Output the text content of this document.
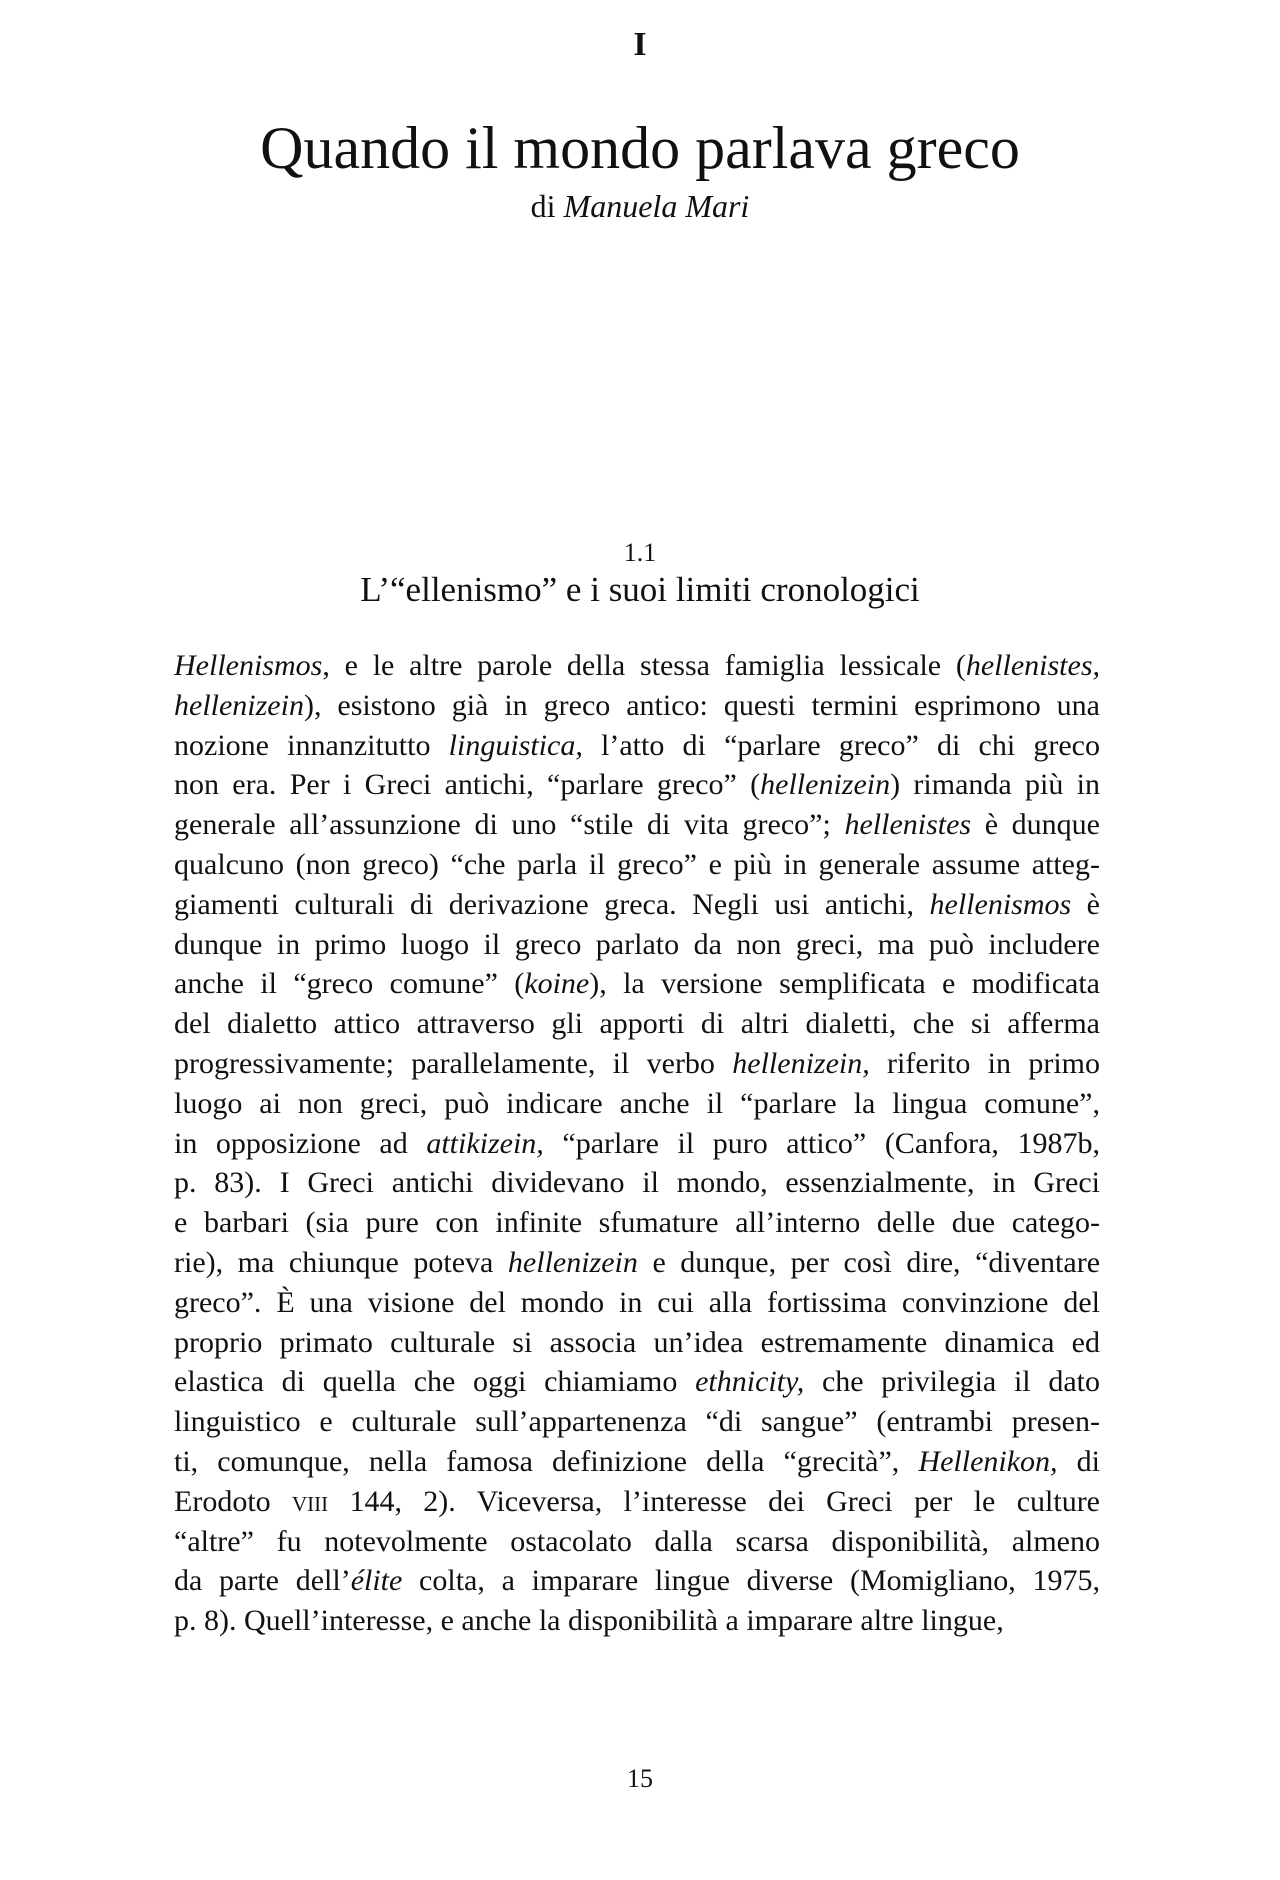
I
Quando il mondo parlava greco
di Manuela Mari
1.1
L’“ellenismo” e i suoi limiti cronologici
Hellenismos, e le altre parole della stessa famiglia lessicale (hellenistes,
hellenizein), esistono già in greco antico: questi termini esprimono una
nozione innanzitutto linguistica, l’atto di “parlare greco” di chi greco
non era. Per i Greci antichi, “parlare greco” (hellenizein) rimanda più in
generale all’assunzione di uno “stile di vita greco”; hellenistes è dunque
qualcuno (non greco) “che parla il greco” e più in generale assume atteg-
giamenti culturali di derivazione greca. Negli usi antichi, hellenismos è
dunque in primo luogo il greco parlato da non greci, ma può includere
anche il “greco comune” (koine), la versione semplificata e modificata
del dialetto attico attraverso gli apporti di altri dialetti, che si afferma
progressivamente; parallelamente, il verbo hellenizein, riferito in primo
luogo ai non greci, può indicare anche il “parlare la lingua comune”,
in opposizione ad attikizein, “parlare il puro attico” (Canfora, 1987b,
p. 83). I Greci antichi dividevano il mondo, essenzialmente, in Greci
e barbari (sia pure con infinite sfumature all’interno delle due catego-
rie), ma chiunque poteva hellenizein e dunque, per così dire, “diventare
greco”. È una visione del mondo in cui alla fortissima convinzione del
proprio primato culturale si associa un’idea estremamente dinamica ed
elastica di quella che oggi chiamiamo ethnicity, che privilegia il dato
linguistico e culturale sull’appartenenza “di sangue” (entrambi presen-
ti, comunque, nella famosa definizione della “grecità”, Hellenikon, di
Erodoto viii 144, 2). Viceversa, l’interesse dei Greci per le culture
“altre” fu notevolmente ostacolato dalla scarsa disponibilità, almeno
da parte dell’élite colta, a imparare lingue diverse (Momigliano, 1975,
p. 8). Quell’interesse, e anche la disponibilità a imparare altre lingue,
15
